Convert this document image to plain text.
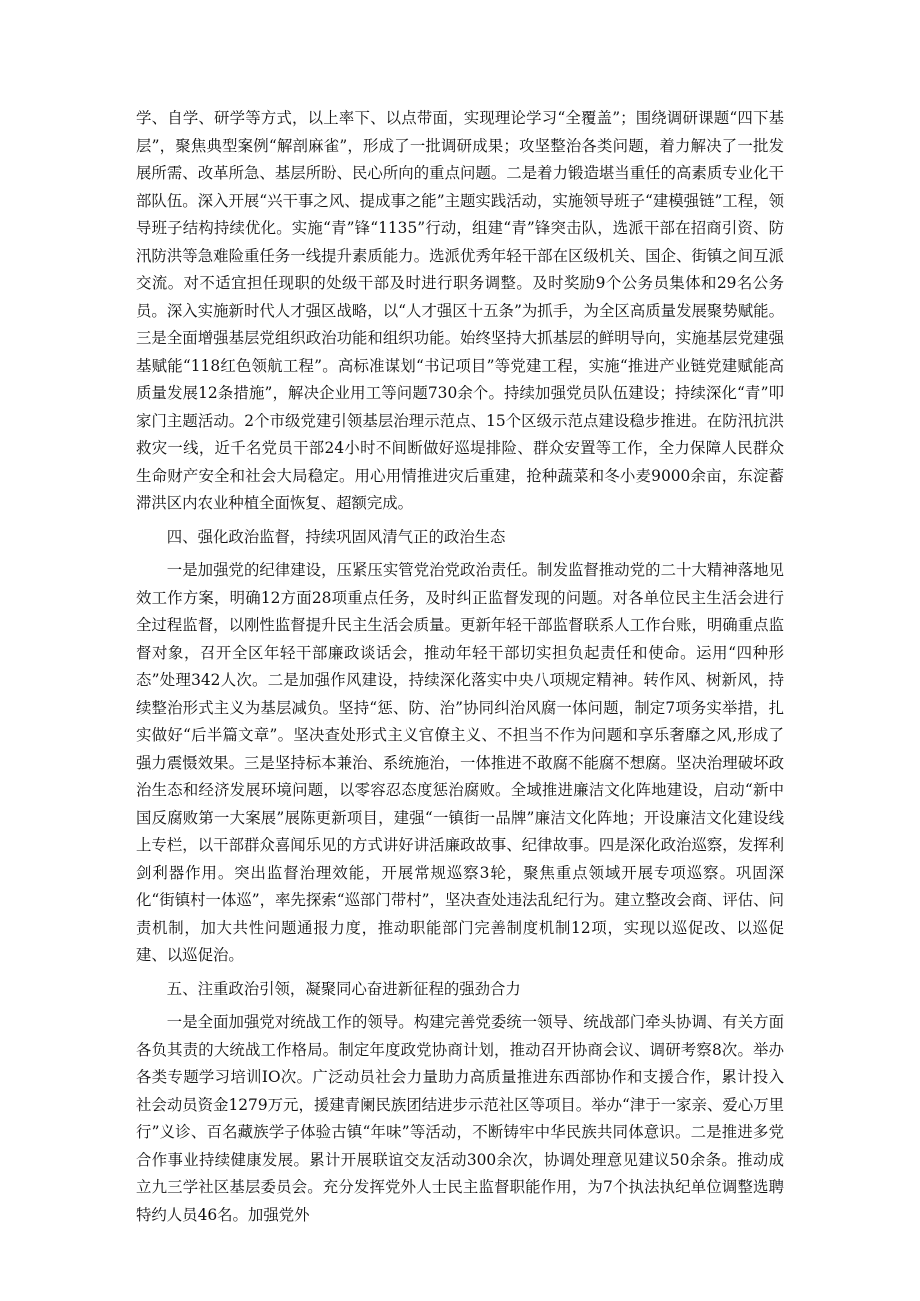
学、自学、研学等方式，以上率下、以点带面，实现理论学习“全覆盖”；围绕调研课题“四下基层”，聚焦典型案例“解剖麻雀”，形成了一批调研成果；攻坚整治各类问题，着力解决了一批发展所需、改革所急、基层所盼、民心所向的重点问题。二是着力锻造堪当重任的高素质专业化干部队伍。深入开展“兴干事之风、提成事之能”主题实践活动，实施领导班子“建模强链”工程，领导班子结构持续优化。实施“青”锋“1135”行动，组建“青”锋突击队，选派干部在招商引资、防汛防洪等急难险重任务一线提升素质能力。选派优秀年轻干部在区级机关、国企、街镇之间互派交流。对不适宜担任现职的处级干部及时进行职务调整。及时奖励9个公务员集体和29名公务员。深入实施新时代人才强区战略，以“人才强区十五条”为抓手，为全区高质量发展聚势赋能。三是全面增强基层党组织政治功能和组织功能。始终坚持大抓基层的鲜明导向，实施基层党建强基赋能“118红色领航工程”。高标准谋划“书记项目”等党建工程，实施“推进产业链党建赋能高质量发展12条措施”，解决企业用工等问题730余个。持续加强党员队伍建设；持续深化“青”叩家门主题活动。2个市级党建引领基层治理示范点、15个区级示范点建设稳步推进。在防汛抗洪救灾一线，近千名党员干部24小时不间断做好巡堤排险、群众安置等工作，全力保障人民群众生命财产安全和社会大局稳定。用心用情推进灾后重建，抢种蔬菜和冬小麦9000余亩，东淀蓄滞洪区内农业种植全面恢复、超额完成。

四、强化政治监督，持续巩固风清气正的政治生态

一是加强党的纪律建设，压紧压实管党治党政治责任。制发监督推动党的二十大精神落地见效工作方案，明确12方面28项重点任务，及时纠正监督发现的问题。对各单位民主生活会进行全过程监督，以刚性监督提升民主生活会质量。更新年轻干部监督联系人工作台账，明确重点监督对象，召开全区年轻干部廉政谈话会，推动年轻干部切实担负起责任和使命。运用“四种形态”处理342人次。二是加强作风建设，持续深化落实中央八项规定精神。转作风、树新风，持续整治形式主义为基层减负。坚持“惩、防、治”协同纠治风腐一体问题，制定7项务实举措，扎实做好“后半篇文章”。坚决查处形式主义官僚主义、不担当不作为问题和享乐奢靡之风,形成了强力震慑效果。三是坚持标本兼治、系统施治，一体推进不敢腐不能腐不想腐。坚决治理破坏政治生态和经济发展环境问题，以零容忍态度惩治腐败。全域推进廉洁文化阵地建设，启动“新中国反腐败第一大案展”展陈更新项目，建强“一镇街一品牌”廉洁文化阵地；开设廉洁文化建设线上专栏，以干部群众喜闻乐见的方式讲好讲活廉政故事、纪律故事。四是深化政治巡察，发挥利剑利器作用。突出监督治理效能，开展常规巡察3轮，聚焦重点领域开展专项巡察。巩固深化“街镇村一体巡”，率先探索“巡部门带村”，坚决查处违法乱纪行为。建立整改会商、评估、问责机制，加大共性问题通报力度，推动职能部门完善制度机制12项，实现以巡促改、以巡促建、以巡促治。

五、注重政治引领，凝聚同心奋进新征程的强劲合力

一是全面加强党对统战工作的领导。构建完善党委统一领导、统战部门牵头协调、有关方面各负其责的大统战工作格局。制定年度政党协商计划，推动召开协商会议、调研考察8次。举办各类专题学习培训IO次。广泛动员社会力量助力高质量推进东西部协作和支援合作，累计投入社会动员资金1279万元，援建青阑民族团结进步示范社区等项目。举办“津于一家亲、爱心万里行”义诊、百名藏族学子体验古镇“年味”等活动，不断铸牢中华民族共同体意识。二是推进多党合作事业持续健康发展。累计开展联谊交友活动300余次，协调处理意见建议50余条。推动成立九三学社区基层委员会。充分发挥党外人士民主监督职能作用，为7个执法执纪单位调整选聘特约人员46名。加强党外
